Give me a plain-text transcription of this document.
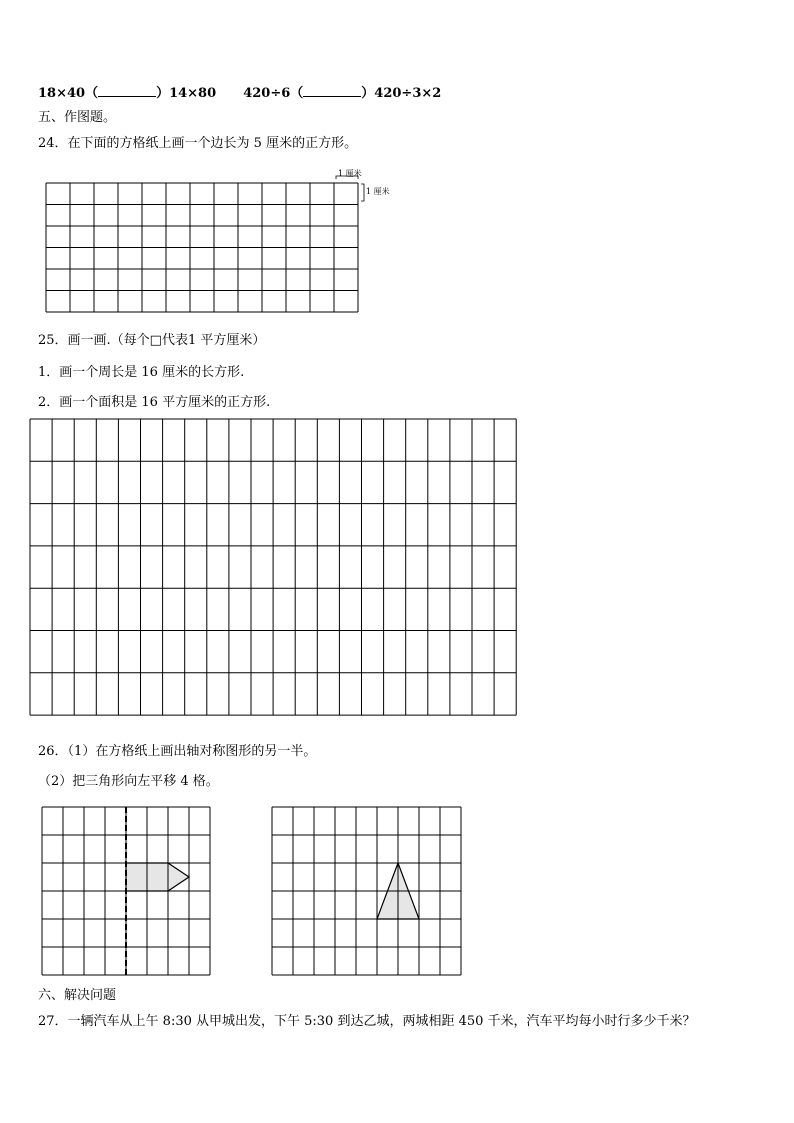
18×40（	）14×80 420÷6（	）420÷3×2
五、作图题。
24．在下面的方格纸上画一个边长为 5 厘米的正方形。
25．画一画.（每个□代表1 平方厘米）
1．画一个周长是 16 厘米的长方形.
2．画一个面积是 16 平方厘米的正方形.
26．（1）在方格纸上画出轴对称图形的另一半。
（2）把三角形向左平移 4 格。
六、解决问题
27．一辆汽车从上午 8:30 从甲城出发，下午 5:30 到达乙城，两城相距 450 千米，汽车平均每小时行多少千米？
1 厘米
1 厘米
